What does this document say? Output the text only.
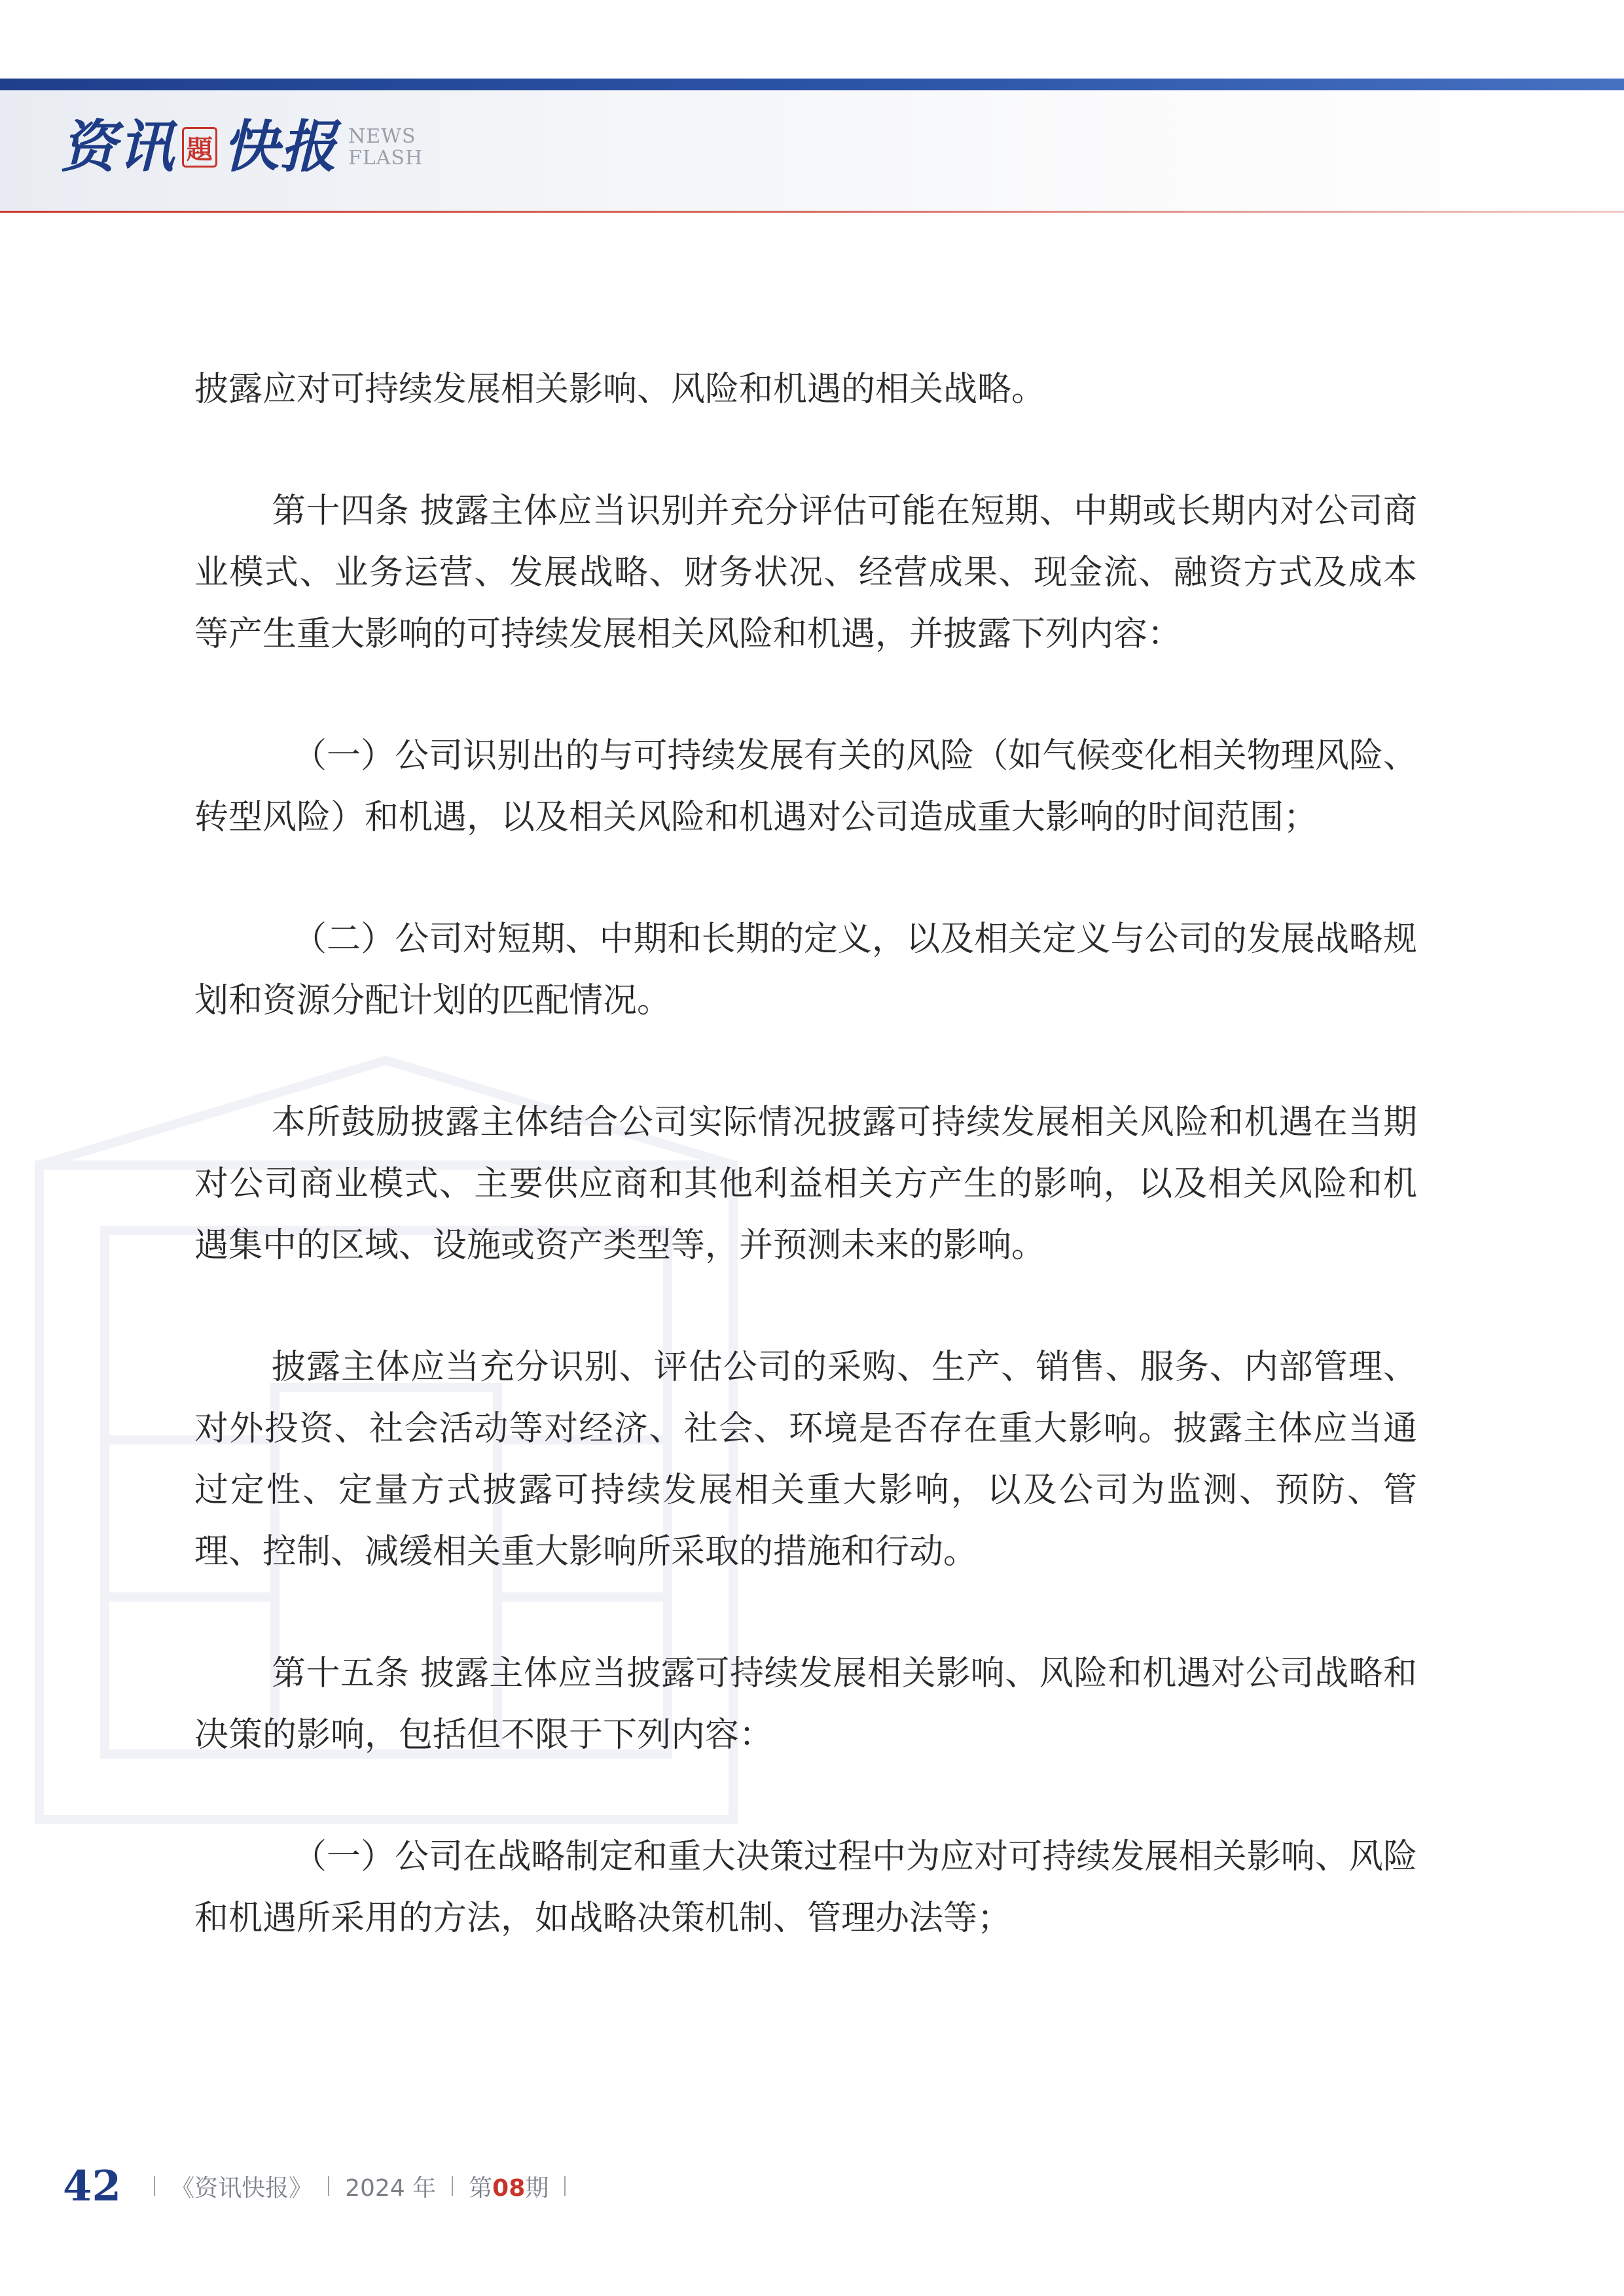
资讯 題 快报 NEWS
FLASH

披露应对可持续发展相关影响、风险和机遇的相关战略。

第十四条 披露主体应当识别并充分评估可能在短期、中期或长期内对公司商业模式、业务运营、发展战略、财务状况、经营成果、现金流、融资方式及成本等产生重大影响的可持续发展相关风险和机遇，并披露下列内容：

（一）公司识别出的与可持续发展有关的风险（如气候变化相关物理风险、转型风险）和机遇，以及相关风险和机遇对公司造成重大影响的时间范围；

（二）公司对短期、中期和长期的定义，以及相关定义与公司的发展战略规划和资源分配计划的匹配情况。

本所鼓励披露主体结合公司实际情况披露可持续发展相关风险和机遇在当期对公司商业模式、主要供应商和其他利益相关方产生的影响，以及相关风险和机遇集中的区域、设施或资产类型等，并预测未来的影响。

披露主体应当充分识别、评估公司的采购、生产、销售、服务、内部管理、对外投资、社会活动等对经济、社会、环境是否存在重大影响。披露主体应当通过定性、定量方式披露可持续发展相关重大影响，以及公司为监测、预防、管理、控制、减缓相关重大影响所采取的措施和行动。

第十五条 披露主体应当披露可持续发展相关影响、风险和机遇对公司战略和决策的影响，包括但不限于下列内容：

（一）公司在战略制定和重大决策过程中为应对可持续发展相关影响、风险和机遇所采用的方法，如战略决策机制、管理办法等；

42 《资讯快报》 2024 年 第08期
